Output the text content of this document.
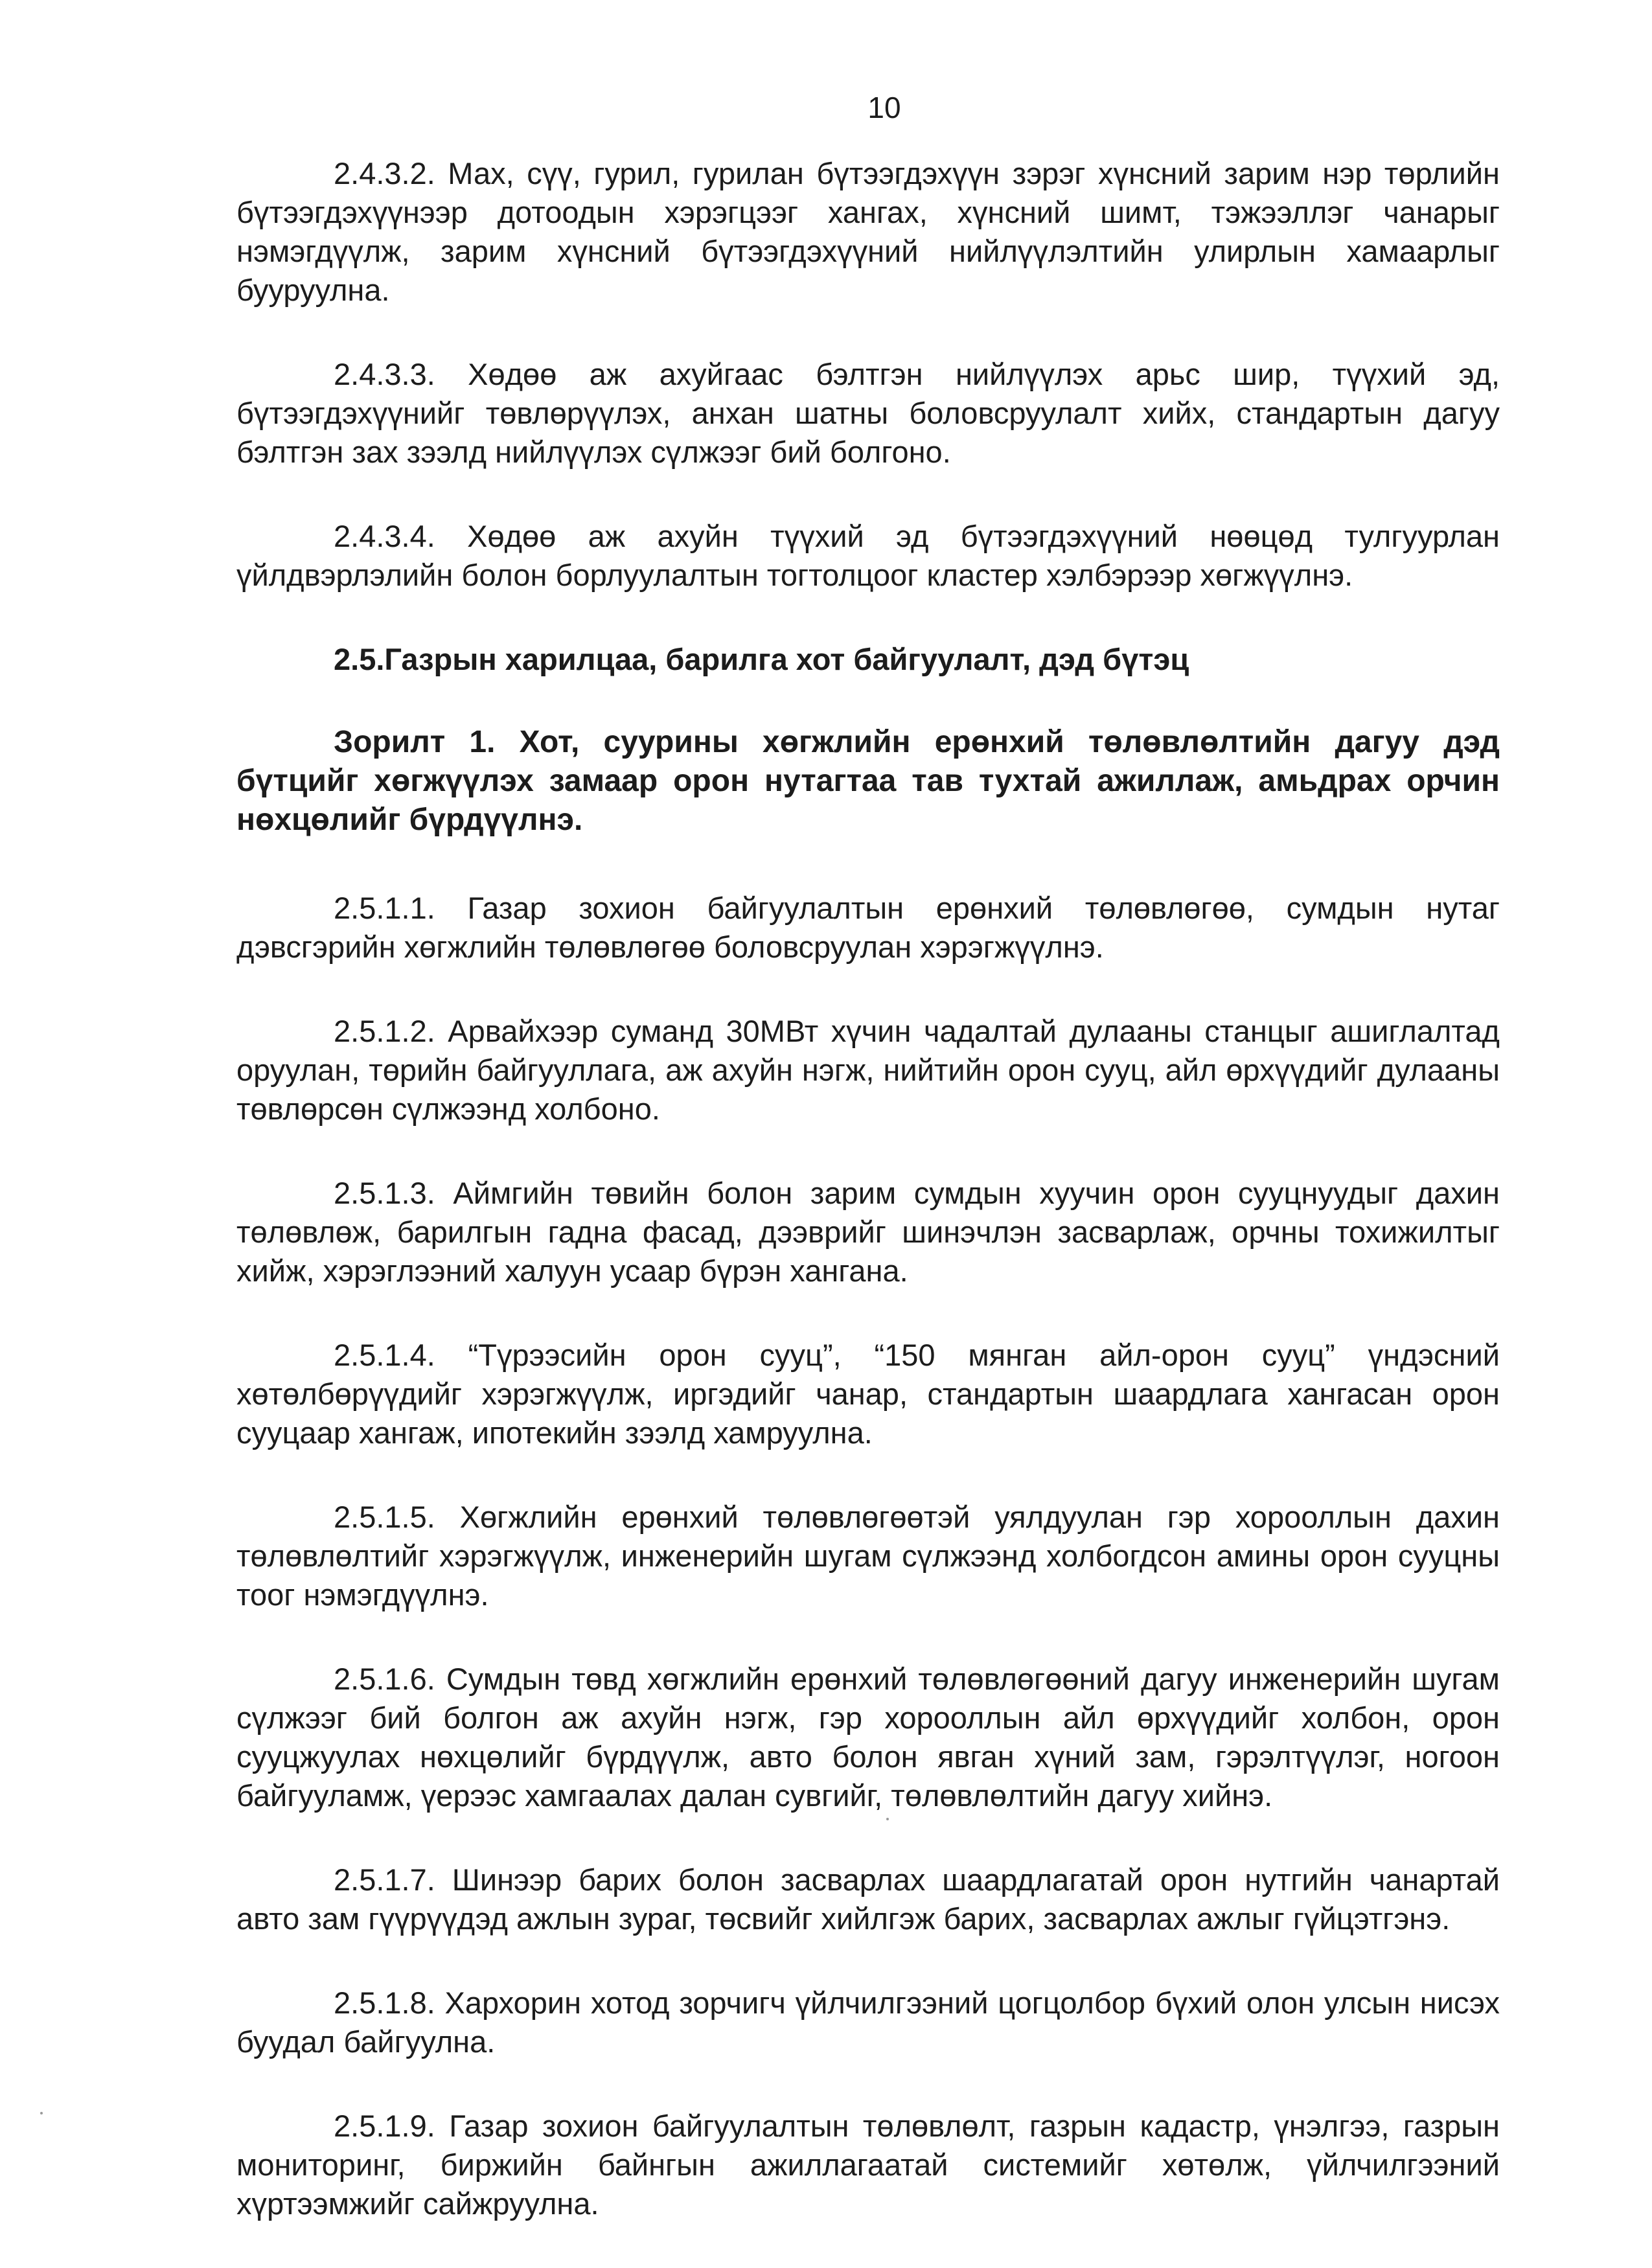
10

2.4.3.2. Мах, сүү, гурил, гурилан бүтээгдэхүүн зэрэг хүнсний зарим нэр төрлийн бүтээгдэхүүнээр дотоодын хэрэгцээг хангах, хүнсний шимт, тэжээллэг чанарыг нэмэгдүүлж, зарим хүнсний бүтээгдэхүүний нийлүүлэлтийн улирлын хамаарлыг бууруулна.

2.4.3.3. Хөдөө аж ахуйгаас бэлтгэн нийлүүлэх арьс шир, түүхий эд, бүтээгдэхүүнийг төвлөрүүлэх, анхан шатны боловсруулалт хийх, стандартын дагуу бэлтгэн зах зээлд нийлүүлэх сүлжээг бий болгоно.

2.4.3.4. Хөдөө аж ахуйн түүхий эд бүтээгдэхүүний нөөцөд тулгуурлан үйлдвэрлэлийн болон борлуулалтын тогтолцоог кластер хэлбэрээр хөгжүүлнэ.

2.5.Газрын харилцаа, барилга хот байгуулалт, дэд бүтэц

Зорилт 1. Хот, суурины хөгжлийн ерөнхий төлөвлөлтийн дагуу дэд бүтцийг хөгжүүлэх замаар орон нутагтаа тав тухтай ажиллаж, амьдрах орчин нөхцөлийг бүрдүүлнэ.

2.5.1.1. Газар зохион байгуулалтын ерөнхий төлөвлөгөө, сумдын нутаг дэвсгэрийн хөгжлийн төлөвлөгөө боловсруулан хэрэгжүүлнэ.

2.5.1.2. Арвайхээр суманд 30МВт хүчин чадалтай дулааны станцыг ашиглалтад оруулан, төрийн байгууллага, аж ахуйн нэгж, нийтийн орон сууц, айл өрхүүдийг дулааны төвлөрсөн сүлжээнд холбоно.

2.5.1.3. Аймгийн төвийн болон зарим сумдын хуучин орон сууцнуудыг дахин төлөвлөж, барилгын гадна фасад, дээврийг шинэчлэн засварлаж, орчны тохижилтыг хийж, хэрэглээний халуун усаар бүрэн хангана.

2.5.1.4. “Түрээсийн орон сууц”, “150 мянган айл-орон сууц” үндэсний хөтөлбөрүүдийг хэрэгжүүлж, иргэдийг чанар, стандартын шаардлага хангасан орон сууцаар хангаж, ипотекийн зээлд хамруулна.

2.5.1.5. Хөгжлийн ерөнхий төлөвлөгөөтэй уялдуулан гэр хорооллын дахин төлөвлөлтийг хэрэгжүүлж, инженерийн шугам сүлжээнд холбогдсон амины орон сууцны тоог нэмэгдүүлнэ.

2.5.1.6. Сумдын төвд хөгжлийн ерөнхий төлөвлөгөөний дагуу инженерийн шугам сүлжээг бий болгон аж ахуйн нэгж, гэр хорооллын айл өрхүүдийг холбон, орон сууцжуулах нөхцөлийг бүрдүүлж, авто болон явган хүний зам, гэрэлтүүлэг, ногоон байгууламж, үерээс хамгаалах далан сувгийг, төлөвлөлтийн дагуу хийнэ.

2.5.1.7. Шинээр барих болон засварлах шаардлагатай орон нутгийн чанартай авто зам гүүрүүдэд ажлын зураг, төсвийг хийлгэж барих, засварлах ажлыг гүйцэтгэнэ.

2.5.1.8. Хархорин хотод зорчигч үйлчилгээний цогцолбор бүхий олон улсын нисэх буудал байгуулна.

2.5.1.9. Газар зохион байгуулалтын төлөвлөлт, газрын кадастр, үнэлгээ, газрын мониторинг, биржийн байнгын ажиллагаатай системийг хөтөлж, үйлчилгээний хүртээмжийг сайжруулна.
